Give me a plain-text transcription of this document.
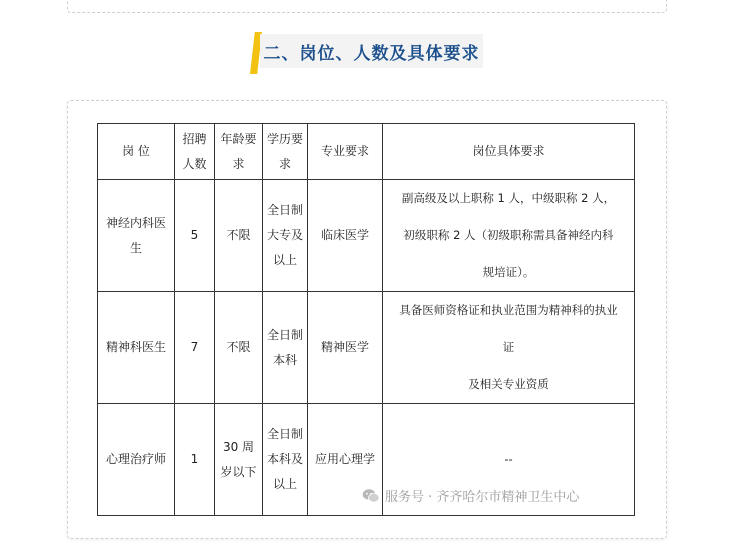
二、岗位、人数及具体要求
岗 位	招聘人数	年龄要求	学历要求	专业要求	岗位具体要求
神经内科医生	5	不限	全日制大专及以上	临床医学	副高级及以上职称 1 人，中级职称 2 人，
初级职称 2 人（初级职称需具备神经内科
规培证）。
精神科医生	7	不限	全日制本科	精神医学	具备医师资格证和执业范围为精神科的执业
证
及相关专业资质
心理治疗师	1	30 周岁以下	全日制本科及以上	应用心理学	--
服务号 · 齐齐哈尔市精神卫生中心
